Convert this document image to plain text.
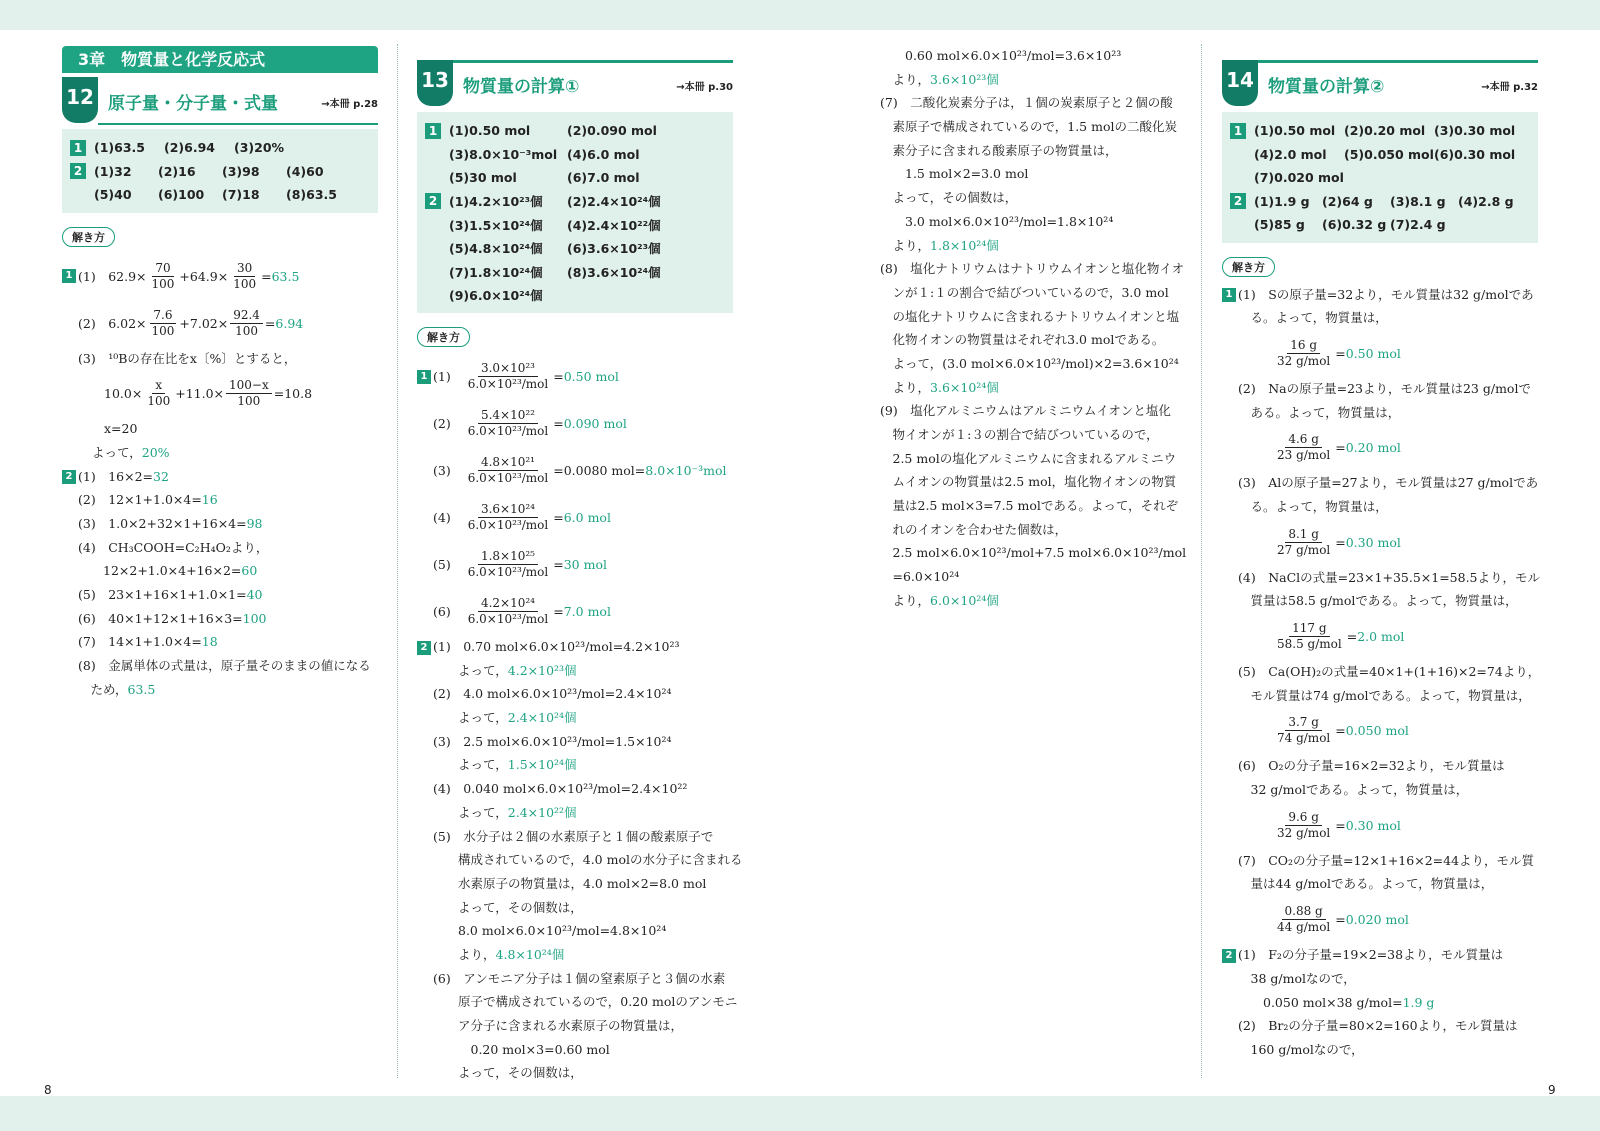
8	9
3章　物質量と化学反応式
12 原子量・分子量・式量	→本冊 p.28
1 (1)63.5	(2)6.94	(3)20%
2 (1)32	(2)16	(3)98	(4)60
(5)40	(6)100	(7)18	(8)63.5
解き方
1 (1)　$62.9\times \frac{70}{100} +64.9\times \frac{30}{100} = 63.5$
(2)　$6.02\times \frac{7.6}{100} +7.02\times \frac{92.4}{100} = 6.94$
(3)　¹⁰Bの存在比をx〔%〕とすると，
$10.0\times \frac{x}{100} +11.0\times \frac{100-x}{100} =10.8$
x=20
よって，20%
2 (1)　16×2=32
(2)　12×1+1.0×4=16
(3)　1.0×2+32×1+16×4=98
(4)　CH₃COOH=C₂H₄O₂より，
　　12×2+1.0×4+16×2=60
(5)　23×1+16×1+1.0×1=40
(6)　40×1+12×1+16×3=100
(7)　14×1+1.0×4=18
(8)　金属単体の式量は，原子量そのままの値になる
　ため，63.5
13 物質量の計算①	→本冊 p.30
1 (1)0.50 mol	(2)0.090 mol
(3)8.0×10⁻³mol (4)6.0 mol
(5)30 mol	(6)7.0 mol
2 (1)4.2×10²³個	(2)2.4×10²⁴個
(3)1.5×10²⁴個	(4)2.4×10²²個
(5)4.8×10²⁴個	(6)3.6×10²³個
(7)1.8×10²⁴個	(8)3.6×10²⁴個
(9)6.0×10²⁴個
解き方
1 $(1) \frac{\text{3.0×10²³}}{\text{6.0×10²³/mol}} = 0.50$ mol
$(2) \frac{\text{5.4×10²²}}{\text{6.0×10²³/mol}} = 0.090$ mol
$(3) \frac{\text{4.8×10²¹}}{\text{6.0×10²³/mol}} =0.0080$ mol= 8.0×10⁻³mol
$(4) \frac{\text{3.6×10²⁴}}{\text{6.0×10²³/mol}} = 6.0$ mol
$(5) \frac{\text{1.8×10²⁵}}{\text{6.0×10²³/mol}} = 30$ mol
$(6) \frac{\text{4.2×10²⁴}}{\text{6.0×10²³/mol}} = 7.0$ mol
2 (1)　0.70 mol×6.0×10²³/mol=4.2×10²³
　　よって，4.2×10²³個
(2)　4.0 mol×6.0×10²³/mol=2.4×10²⁴
　　よって，2.4×10²⁴個
(3)　2.5 mol×6.0×10²³/mol=1.5×10²⁴
　　よって，1.5×10²⁴個
(4)　0.040 mol×6.0×10²³/mol=2.4×10²²
　　よって，2.4×10²²個
(5)　水分子は２個の水素原子と１個の酸素原子で
　　構成されているので，4.0 molの水分子に含まれる
　　水素原子の物質量は，4.0 mol×2=8.0 mol
　　よって，その個数は，
　　8.0 mol×6.0×10²³/mol=4.8×10²⁴
　　より，4.8×10²⁴個
(6)　アンモニア分子は１個の窒素原子と３個の水素
　　原子で構成されているので，0.20 molのアンモニ
　　ア分子に含まれる水素原子の物質量は，
　　　0.20 mol×3=0.60 mol
　　よって，その個数は，
　　0.60 mol×6.0×10²³/mol=3.6×10²³
　より，3.6×10²³個
(7)　二酸化炭素分子は，１個の炭素原子と２個の酸
　素原子で構成されているので，1.5 molの二酸化炭
　素分子に含まれる酸素原子の物質量は，
　　1.5 mol×2=3.0 mol
　よって，その個数は，
　　3.0 mol×6.0×10²³/mol=1.8×10²⁴
　より，1.8×10²⁴個
(8)　塩化ナトリウムはナトリウムイオンと塩化物イオ
　ンが１:１の割合で結びついているので，3.0 mol
　の塩化ナトリウムに含まれるナトリウムイオンと塩
　化物イオンの物質量はそれぞれ3.0 molである。
　よって，(3.0 mol×6.0×10²³/mol)×2=3.6×10²⁴
　より，3.6×10²⁴個
(9)　塩化アルミニウムはアルミニウムイオンと塩化
　物イオンが１:３の割合で結びついているので，
　2.5 molの塩化アルミニウムに含まれるアルミニウ
　ムイオンの物質量は2.5 mol，塩化物イオンの物質
　量は2.5 mol×3=7.5 molである。よって，それぞ
　れのイオンを合わせた個数は，
　2.5 mol×6.0×10²³/mol+7.5 mol×6.0×10²³/mol
　=6.0×10²⁴
　より，6.0×10²⁴個
14 物質量の計算②	→本冊 p.32
1 (1)0.50 mol (2)0.20 mol (3)0.30 mol
(4)2.0 mol	(5)0.050 mol (6)0.30 mol
(7)0.020 mol
2 (1)1.9 g (2)64 g	(3)8.1 g (4)2.8 g
(5)85 g	(6)0.32 g (7)2.4 g
解き方
1 (1)　Sの原子量=32より，モル質量は32 g/molであ
　る。よって，物質量は，
$\frac{16 g}{\text{32 g/mol}} = 0.50$ mol
(2)　Naの原子量=23より，モル質量は23 g/molで
　ある。よって，物質量は，
$\frac{4.6 g}{\text{23 g/mol}} = 0.20$ mol
(3)　Alの原子量=27より，モル質量は27 g/molであ
　る。よって，物質量は，
$\frac{8.1 g}{\text{27 g/mol}} = 0.30$ mol
(4)　NaClの式量=23×1+35.5×1=58.5より，モル
　質量は58.5 g/molである。よって，物質量は，
$\frac{117 g}{\text{58.5 g/mol}} = 2.0$ mol
(5)　Ca(OH)₂の式量=40×1+(1+16)×2=74より，
　モル質量は74 g/molである。よって，物質量は，
$\frac{3.7 g}{\text{74 g/mol}} = 0.050$ mol
(6)　O₂の分子量=16×2=32より，モル質量は
　32 g/molである。よって，物質量は，
$\frac{9.6 g}{\text{32 g/mol}} = 0.30$ mol
(7)　CO₂の分子量=12×1+16×2=44より，モル質
　量は44 g/molである。よって，物質量は，
$\frac{0.88 g}{\text{44 g/mol}} = 0.020$ mol
2 (1)　F₂の分子量=19×2=38より，モル質量は
　38 g/molなので，
　　0.050 mol×38 g/mol=1.9 g
(2)　Br₂の分子量=80×2=160より，モル質量は
　160 g/molなので，
